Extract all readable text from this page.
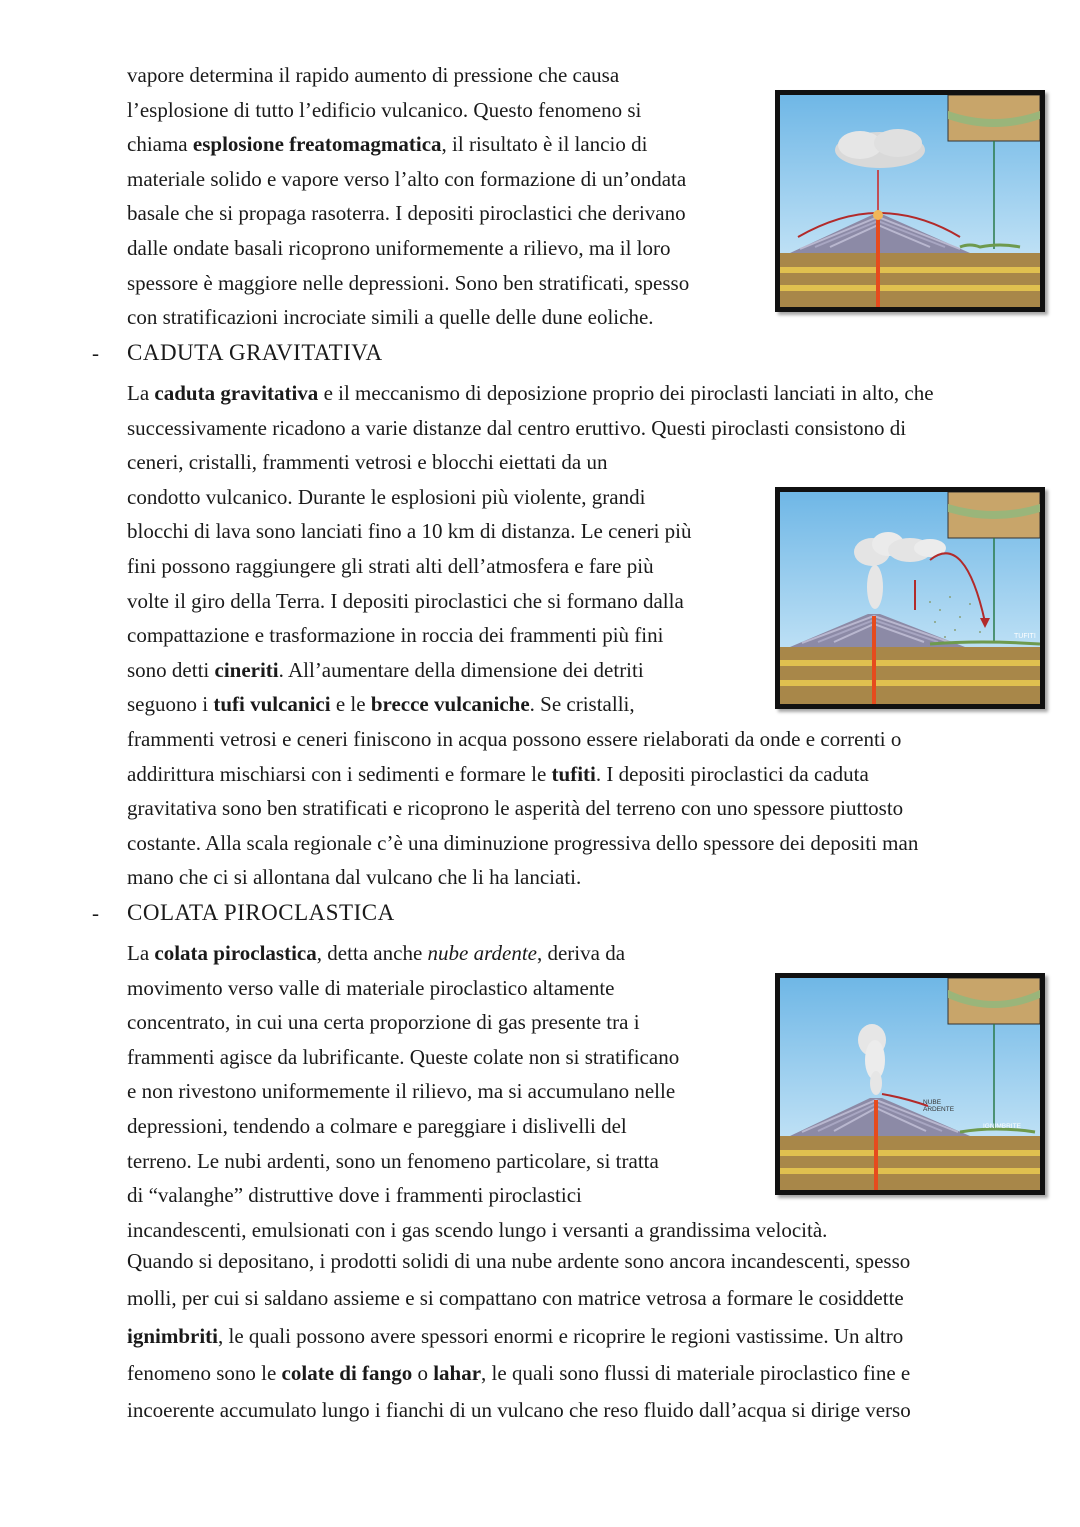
vapore determina il rapido aumento di pressione che causa
l’esplosione di tutto l’edificio vulcanico. Questo fenomeno si
chiama esplosione freatomagmatica, il risultato è il lancio di
materiale solido e vapore verso l’alto con formazione di un’ondata
basale che si propaga rasoterra. I depositi piroclastici che derivano
dalle ondate basali ricoprono uniformemente a rilievo, ma il loro
spessore è maggiore nelle depressioni. Sono ben stratificati, spesso
con stratificazioni incrociate simili a quelle delle dune eoliche.
- CADUTA GRAVITATIVA
La caduta gravitativa e il meccanismo di deposizione proprio dei piroclasti lanciati in alto, che
successivamente ricadono a varie distanze dal centro eruttivo. Questi piroclasti consistono di
ceneri, cristalli, frammenti vetrosi e blocchi eiettati da un
condotto vulcanico. Durante le esplosioni più violente, grandi
blocchi di lava sono lanciati fino a 10 km di distanza. Le ceneri più
fini possono raggiungere gli strati alti dell’atmosfera e fare più
volte il giro della Terra. I depositi piroclastici che si formano dalla
compattazione e trasformazione in roccia dei frammenti più fini
sono detti cineriti. All’aumentare della dimensione dei detriti
seguono i tufi vulcanici e le brecce vulcaniche. Se cristalli,
frammenti vetrosi e ceneri finiscono in acqua possono essere rielaborati da onde e correnti o
addirittura mischiarsi con i sedimenti e formare le tufiti. I depositi piroclastici da caduta
gravitativa sono ben stratificati e ricoprono le asperità del terreno con uno spessore piuttosto
costante. Alla scala regionale c’è una diminuzione progressiva dello spessore dei depositi man
mano che ci si allontana dal vulcano che li ha lanciati.
TUFITI
- COLATA PIROCLASTICA
La colata piroclastica, detta anche nube ardente, deriva da
movimento verso valle di materiale piroclastico altamente
concentrato, in cui una certa proporzione di gas presente tra i
frammenti agisce da lubrificante. Queste colate non si stratificano
e non rivestono uniformemente il rilievo, ma si accumulano nelle
depressioni, tendendo a colmare e pareggiare i dislivelli del
terreno. Le nubi ardenti, sono un fenomeno particolare, si tratta
di “valanghe” distruttive dove i frammenti piroclastici
incandescenti, emulsionati con i gas scendo lungo i versanti a grandissima velocità.
Quando si depositano, i prodotti solidi di una nube ardente sono ancora incandescenti, spesso
molli, per cui si saldano assieme e si compattano con matrice vetrosa a formare le cosiddette
ignimbriti, le quali possono avere spessori enormi e ricoprire le regioni vastissime. Un altro
fenomeno sono le colate di fango o lahar, le quali sono flussi di materiale piroclastico fine e
incoerente accumulato lungo i fianchi di un vulcano che reso fluido dall’acqua si dirige verso
NUBE
ARDENTE
IGNIMBRITE
